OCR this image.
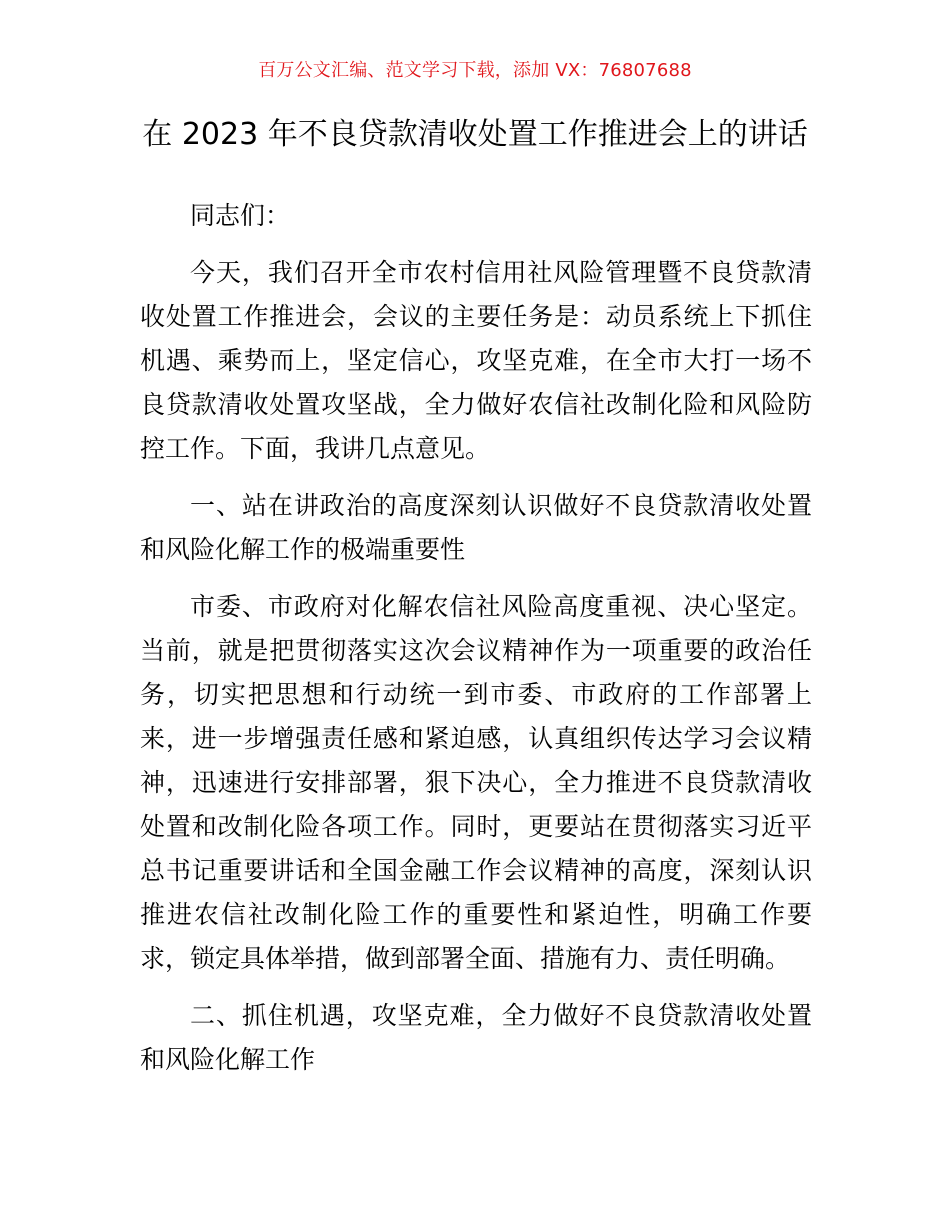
百万公文汇编、范文学习下载，添加 VX：76807688
在 2023 年不良贷款清收处置工作推进会上的讲话

同志们：

今天，我们召开全市农村信用社风险管理暨不良贷款清收处置工作推进会，会议的主要任务是：动员系统上下抓住机遇、乘势而上，坚定信心，攻坚克难，在全市大打一场不良贷款清收处置攻坚战，全力做好农信社改制化险和风险防控工作。下面，我讲几点意见。

一、站在讲政治的高度深刻认识做好不良贷款清收处置和风险化解工作的极端重要性

市委、市政府对化解农信社风险高度重视、决心坚定。当前，就是把贯彻落实这次会议精神作为一项重要的政治任务，切实把思想和行动统一到市委、市政府的工作部署上来，进一步增强责任感和紧迫感，认真组织传达学习会议精神，迅速进行安排部署，狠下决心，全力推进不良贷款清收处置和改制化险各项工作。同时，更要站在贯彻落实习近平总书记重要讲话和全国金融工作会议精神的高度，深刻认识推进农信社改制化险工作的重要性和紧迫性，明确工作要求，锁定具体举措，做到部署全面、措施有力、责任明确。

二、抓住机遇，攻坚克难，全力做好不良贷款清收处置和风险化解工作
